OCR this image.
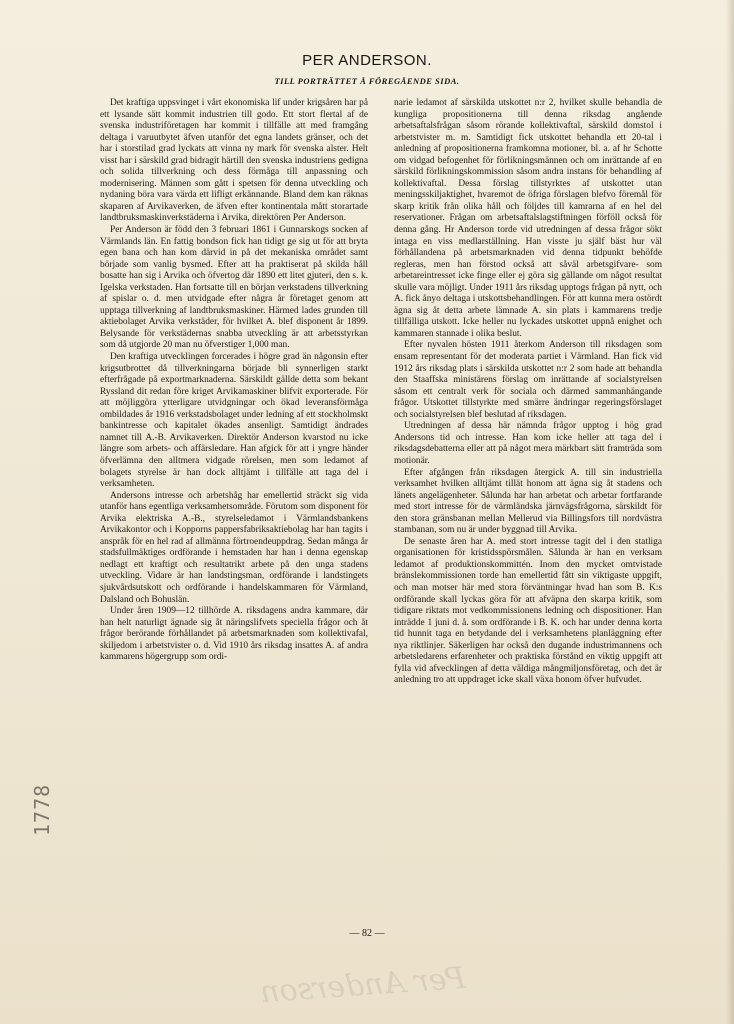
PER ANDERSON.
TILL PORTRÄTTET Å FÖREGÅENDE SIDA.

Det kraftiga uppsvinget i vårt ekonomiska lif under krigsåren har på ett lysande sätt kommit industrien till godo. Ett stort flertal af de svenska industriföretagen har kommit i tillfälle att med framgång deltaga i varuutbytet äfven utanför det egna landets gränser, och det har i storstilad grad lyckats att vinna ny mark för svenska alster. Helt visst har i särskild grad bidragit härtill den svenska industriens gedigna och solida tillverkning och dess förmåga till anpassning och modernisering. Männen som gått i spetsen för denna utveckling och nydaning böra vara värda ett lifligt erkännande. Bland dem kan räknas skaparen af Arvikaverken, de äfven efter kontinentala mått storartade landtbruksmaskinverkstäderna i Arvika, direktören Per Anderson.

Per Anderson är född den 3 februari 1861 i Gunnarskogs socken af Värmlands län. En fattig bondson fick han tidigt ge sig ut för att bryta egen bana och han kom därvid in på det mekaniska området samt började som vanlig bysmed. Efter att ha praktiserat på skilda håll bosatte han sig i Arvika och öfvertog där 1890 ett litet gjuteri, den s. k. Igelska verkstaden. Han fortsatte till en början verkstadens tillverkning af spislar o. d. men utvidgade efter några år företaget genom att upptaga tillverkning af landtbruksmaskiner. Härmed lades grunden till aktiebolaget Arvika verkstäder, för hvilket A. blef disponent år 1899. Belysande för verkstädernas snabba utveckling är att arbetsstyrkan som då utgjorde 20 man nu öfverstiger 1,000 man.

Den kraftiga utvecklingen forcerades i högre grad än någonsin efter krigsutbrottet då tillverkningarna började bli synnerligen starkt efterfrågade på exportmarknaderna. Särskildt gällde detta som bekant Ryssland dit redan före kriget Arvikamaskiner blifvit exporterade. För att möjliggöra ytterligare utvidgningar och ökad leveransförmåga ombildades år 1916 verkstadsbolaget under ledning af ett stockholmskt bankintresse och kapitalet ökades ansenligt. Samtidigt ändrades namnet till A.-B. Arvikaverken. Direktör Anderson kvarstod nu icke längre som arbets- och affärsledare. Han afgick för att i yngre händer öfverlämna den alltmera vidgade rörelsen, men som ledamot af bolagets styrelse är han dock alltjämt i tillfälle att taga del i verksamheten.

Andersons intresse och arbetshåg har emellertid sträckt sig vida utanför hans egentliga verksamhetsområde. Förutom som disponent för Arvika elektriska A.-B., styrelseledamot i Värmlandsbankens Arvikakontor och i Kopporns pappersfabriksaktiebolag har han tagits i anspråk för en hel rad af allmänna förtroendeuppdrag. Sedan många år stadsfullmäktiges ordförande i hemstaden har han i denna egenskap nedlagt ett kraftigt och resultatrikt arbete på den unga stadens utveckling. Vidare är han landstingsman, ordförande i landstingets sjukvårdsutskott och ordförande i handelskammaren för Värmland, Dalsland och Bohuslän.

Under åren 1909—12 tillhörde A. riksdagens andra kammare, där han helt naturligt ägnade sig åt näringslifvets speciella frågor och åt frågor berörande förhållandet på arbetsmarknaden som kollektivafal, skiljedom i arbetstvister o. d. Vid 1910 års riksdag insattes A. af andra kammarens högergrupp som ordi-

narie ledamot af särskilda utskottet n:r 2, hvilket skulle behandla de kungliga propositionerna till denna riksdag angående arbetsaftalsfrågan såsom rörande kollektivaftal, särskild domstol i arbetstvister m. m. Samtidigt fick utskottet behandla ett 20-tal i anledning af propositionerna framkomna motioner, bl. a. af hr Schotte om vidgad befogenhet för förlikningsmännen och om inrättande af en särskild förlikningskommission såsom andra instans för behandling af kollektivaftal. Dessa förslag tillstyrktes af utskottet utan meningsskiljaktighet, hvaremot de öfriga förslagen blefvo föremål för skarp kritik från olika håll och följdes till kamrarna af en hel del reservationer. Frågan om arbetsaftalslagstiftningen förföll också för denna gång. Hr Anderson torde vid utredningen af dessa frågor sökt intaga en viss medlarställning. Han visste ju själf bäst hur väl förhållandena på arbetsmarknaden vid denna tidpunkt behöfde regleras, men han förstod också att såväl arbetsgifvare- som arbetareintresset icke finge eller ej göra sig gällande om något resultat skulle vara möjligt. Under 1911 års riksdag upptogs frågan på nytt, och A. fick ånyo deltaga i utskottsbehandlingen. För att kunna mera ostördt ägna sig åt detta arbete lämnade A. sin plats i kammarens tredje tillfälliga utskott. Icke heller nu lyckades utskottet uppnå enighet och kammaren stannade i olika beslut.

Efter nyvalen hösten 1911 återkom Anderson till riksdagen som ensam representant för det moderata partiet i Värmland. Han fick vid 1912 års riksdag plats i särskilda utskottet n:r 2 som hade att behandla den Staaffska ministärens förslag om inrättande af socialstyrelsen såsom ett centralt verk för sociala och därmed sammanhängande frågor. Utskottet tillstyrkte med smärre ändringar regeringsförslaget och socialstyrelsen blef beslutad af riksdagen.

Utredningen af dessa här nämnda frågor upptog i hög grad Andersons tid och intresse. Han kom icke heller att taga del i riksdagsdebatterna eller att på något mera märkbart sätt framträda som motionär.

Efter afgången från riksdagen återgick A. till sin industriella verksamhet hvilken alltjämt tillät honom att ägna sig åt stadens och länets angelägenheter. Sålunda har han arbetat och arbetar fortfarande med stort intresse för de värmländska järnvägsfrågorna, särskildt för den stora gränsbanan mellan Mellerud via Billingsfors till nordvästra stambanan, som nu är under byggnad till Arvika.

De senaste åren har A. med stort intresse tagit del i den statliga organisationen för kristidsspörsmålen. Sålunda är han en verksam ledamot af produktionskommittén. Inom den mycket omtvistade bränslekommissionen torde han emellertid fått sin viktigaste uppgift, och man motser här med stora förväntningar hvad han som B. K:s ordförande skall lyckas göra för att afväpna den skarpa kritik, som tidigare riktats mot vedkommissionens ledning och dispositioner. Han inträdde 1 juni d. å. som ordförande i B. K. och har under denna korta tid hunnit taga en betydande del i verksamhetens planläggning efter nya riktlinjer. Säkerligen har också den dugande industrimannens och arbetsledarens erfarenheter och praktiska förstånd en viktig uppgift att fylla vid afvecklingen af detta väldiga mångmiljonsföretag, och det är anledning tro att uppdraget icke skall växa honom öfver hufvudet.

— 82 —
1778
Per Anderson
